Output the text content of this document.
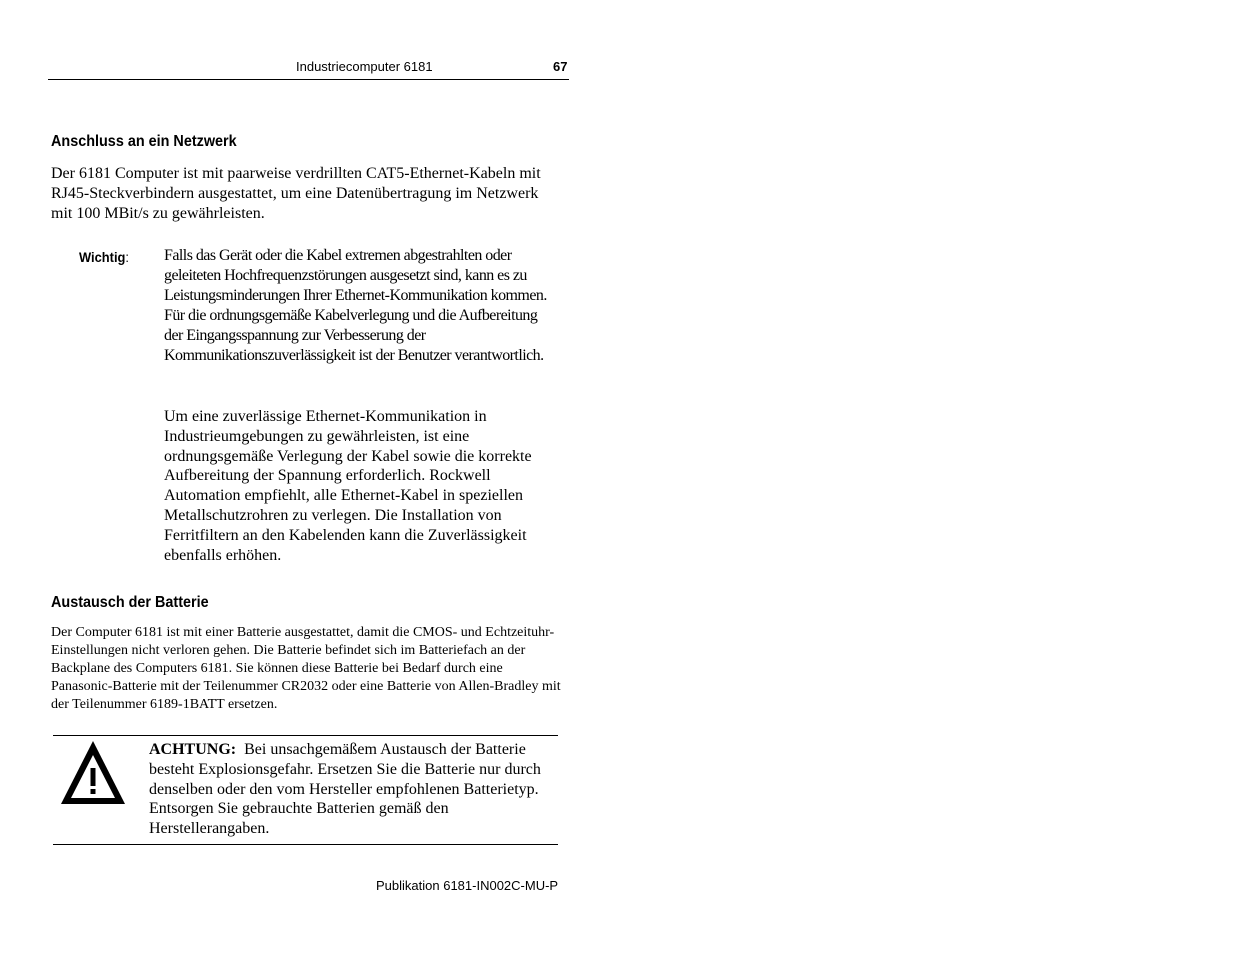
Industriecomputer 6181	67
Anschluss an ein Netzwerk
Der 6181 Computer ist mit paarweise verdrillten CAT5-Ethernet-Kabeln mit RJ45-Steckverbindern ausgestattet, um eine Datenübertragung im Netzwerk mit 100 MBit/s zu gewährleisten.
Wichtig: Falls das Gerät oder die Kabel extremen abgestrahlten oder geleiteten Hochfrequenzstörungen ausgesetzt sind, kann es zu Leistungsminderungen Ihrer Ethernet-Kommunikation kommen. Für die ordnungsgemäße Kabelverlegung und die Aufbereitung der Eingangsspannung zur Verbesserung der Kommunikationszuverlässigkeit ist der Benutzer verantwortlich.
Um eine zuverlässige Ethernet-Kommunikation in Industrieumgebungen zu gewährleisten, ist eine ordnungsgemäße Verlegung der Kabel sowie die korrekte Aufbereitung der Spannung erforderlich. Rockwell Automation empfiehlt, alle Ethernet-Kabel in speziellen Metallschutzrohren zu verlegen. Die Installation von Ferritfiltern an den Kabelenden kann die Zuverlässigkeit ebenfalls erhöhen.
Austausch der Batterie
Der Computer 6181 ist mit einer Batterie ausgestattet, damit die CMOS- und Echtzeituhr-Einstellungen nicht verloren gehen. Die Batterie befindet sich im Batteriefach an der Backplane des Computers 6181. Sie können diese Batterie bei Bedarf durch eine Panasonic-Batterie mit der Teilenummer CR2032 oder eine Batterie von Allen-Bradley mit der Teilenummer 6189-1BATT ersetzen.
ACHTUNG: Bei unsachgemäßem Austausch der Batterie besteht Explosionsgefahr. Ersetzen Sie die Batterie nur durch denselben oder den vom Hersteller empfohlenen Batterietyp. Entsorgen Sie gebrauchte Batterien gemäß den Herstellerangaben.
Publikation 6181-IN002C-MU-P
